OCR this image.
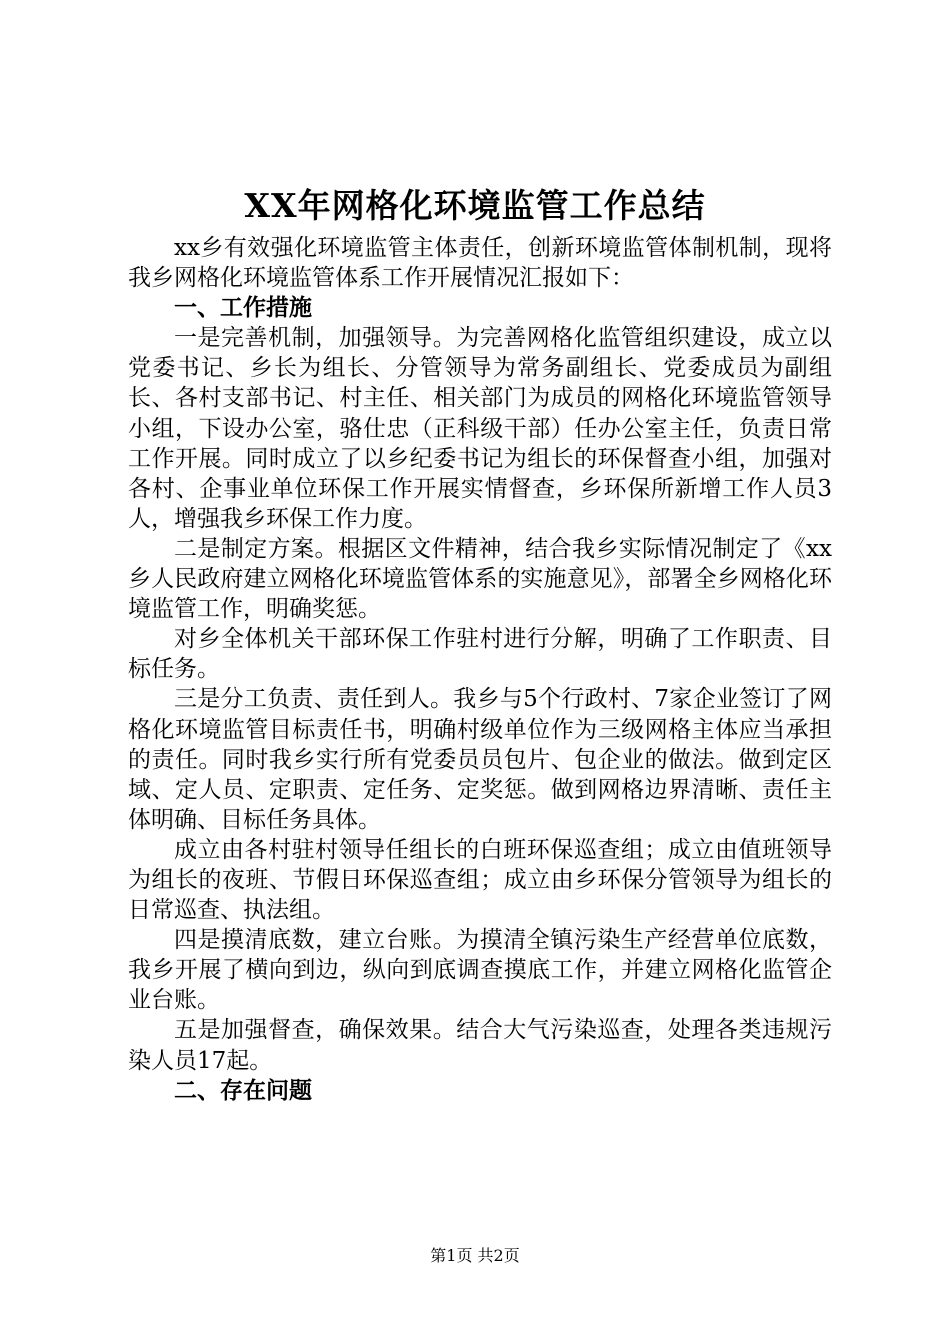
XX年网格化环境监管工作总结

xx乡有效强化环境监管主体责任，创新环境监管体制机制，现将我乡网格化环境监管体系工作开展情况汇报如下：

一、工作措施

一是完善机制，加强领导。为完善网格化监管组织建设，成立以党委书记、乡长为组长、分管领导为常务副组长、党委成员为副组长、各村支部书记、村主任、相关部门为成员的网格化环境监管领导小组，下设办公室，骆仕忠（正科级干部）任办公室主任，负责日常工作开展。同时成立了以乡纪委书记为组长的环保督查小组，加强对各村、企事业单位环保工作开展实情督查，乡环保所新增工作人员3人，增强我乡环保工作力度。

二是制定方案。根据区文件精神，结合我乡实际情况制定了《xx乡人民政府建立网格化环境监管体系的实施意见》，部署全乡网格化环境监管工作，明确奖惩。

对乡全体机关干部环保工作驻村进行分解，明确了工作职责、目标任务。

三是分工负责、责任到人。我乡与5个行政村、7家企业签订了网格化环境监管目标责任书，明确村级单位作为三级网格主体应当承担的责任。同时我乡实行所有党委员员包片、包企业的做法。做到定区域、定人员、定职责、定任务、定奖惩。做到网格边界清晰、责任主体明确、目标任务具体。

成立由各村驻村领导任组长的白班环保巡查组；成立由值班领导为组长的夜班、节假日环保巡查组；成立由乡环保分管领导为组长的日常巡查、执法组。

四是摸清底数，建立台账。为摸清全镇污染生产经营单位底数，我乡开展了横向到边，纵向到底调查摸底工作，并建立网格化监管企业台账。

五是加强督查，确保效果。结合大气污染巡查，处理各类违规污染人员17起。

二、存在问题

第1页 共2页
